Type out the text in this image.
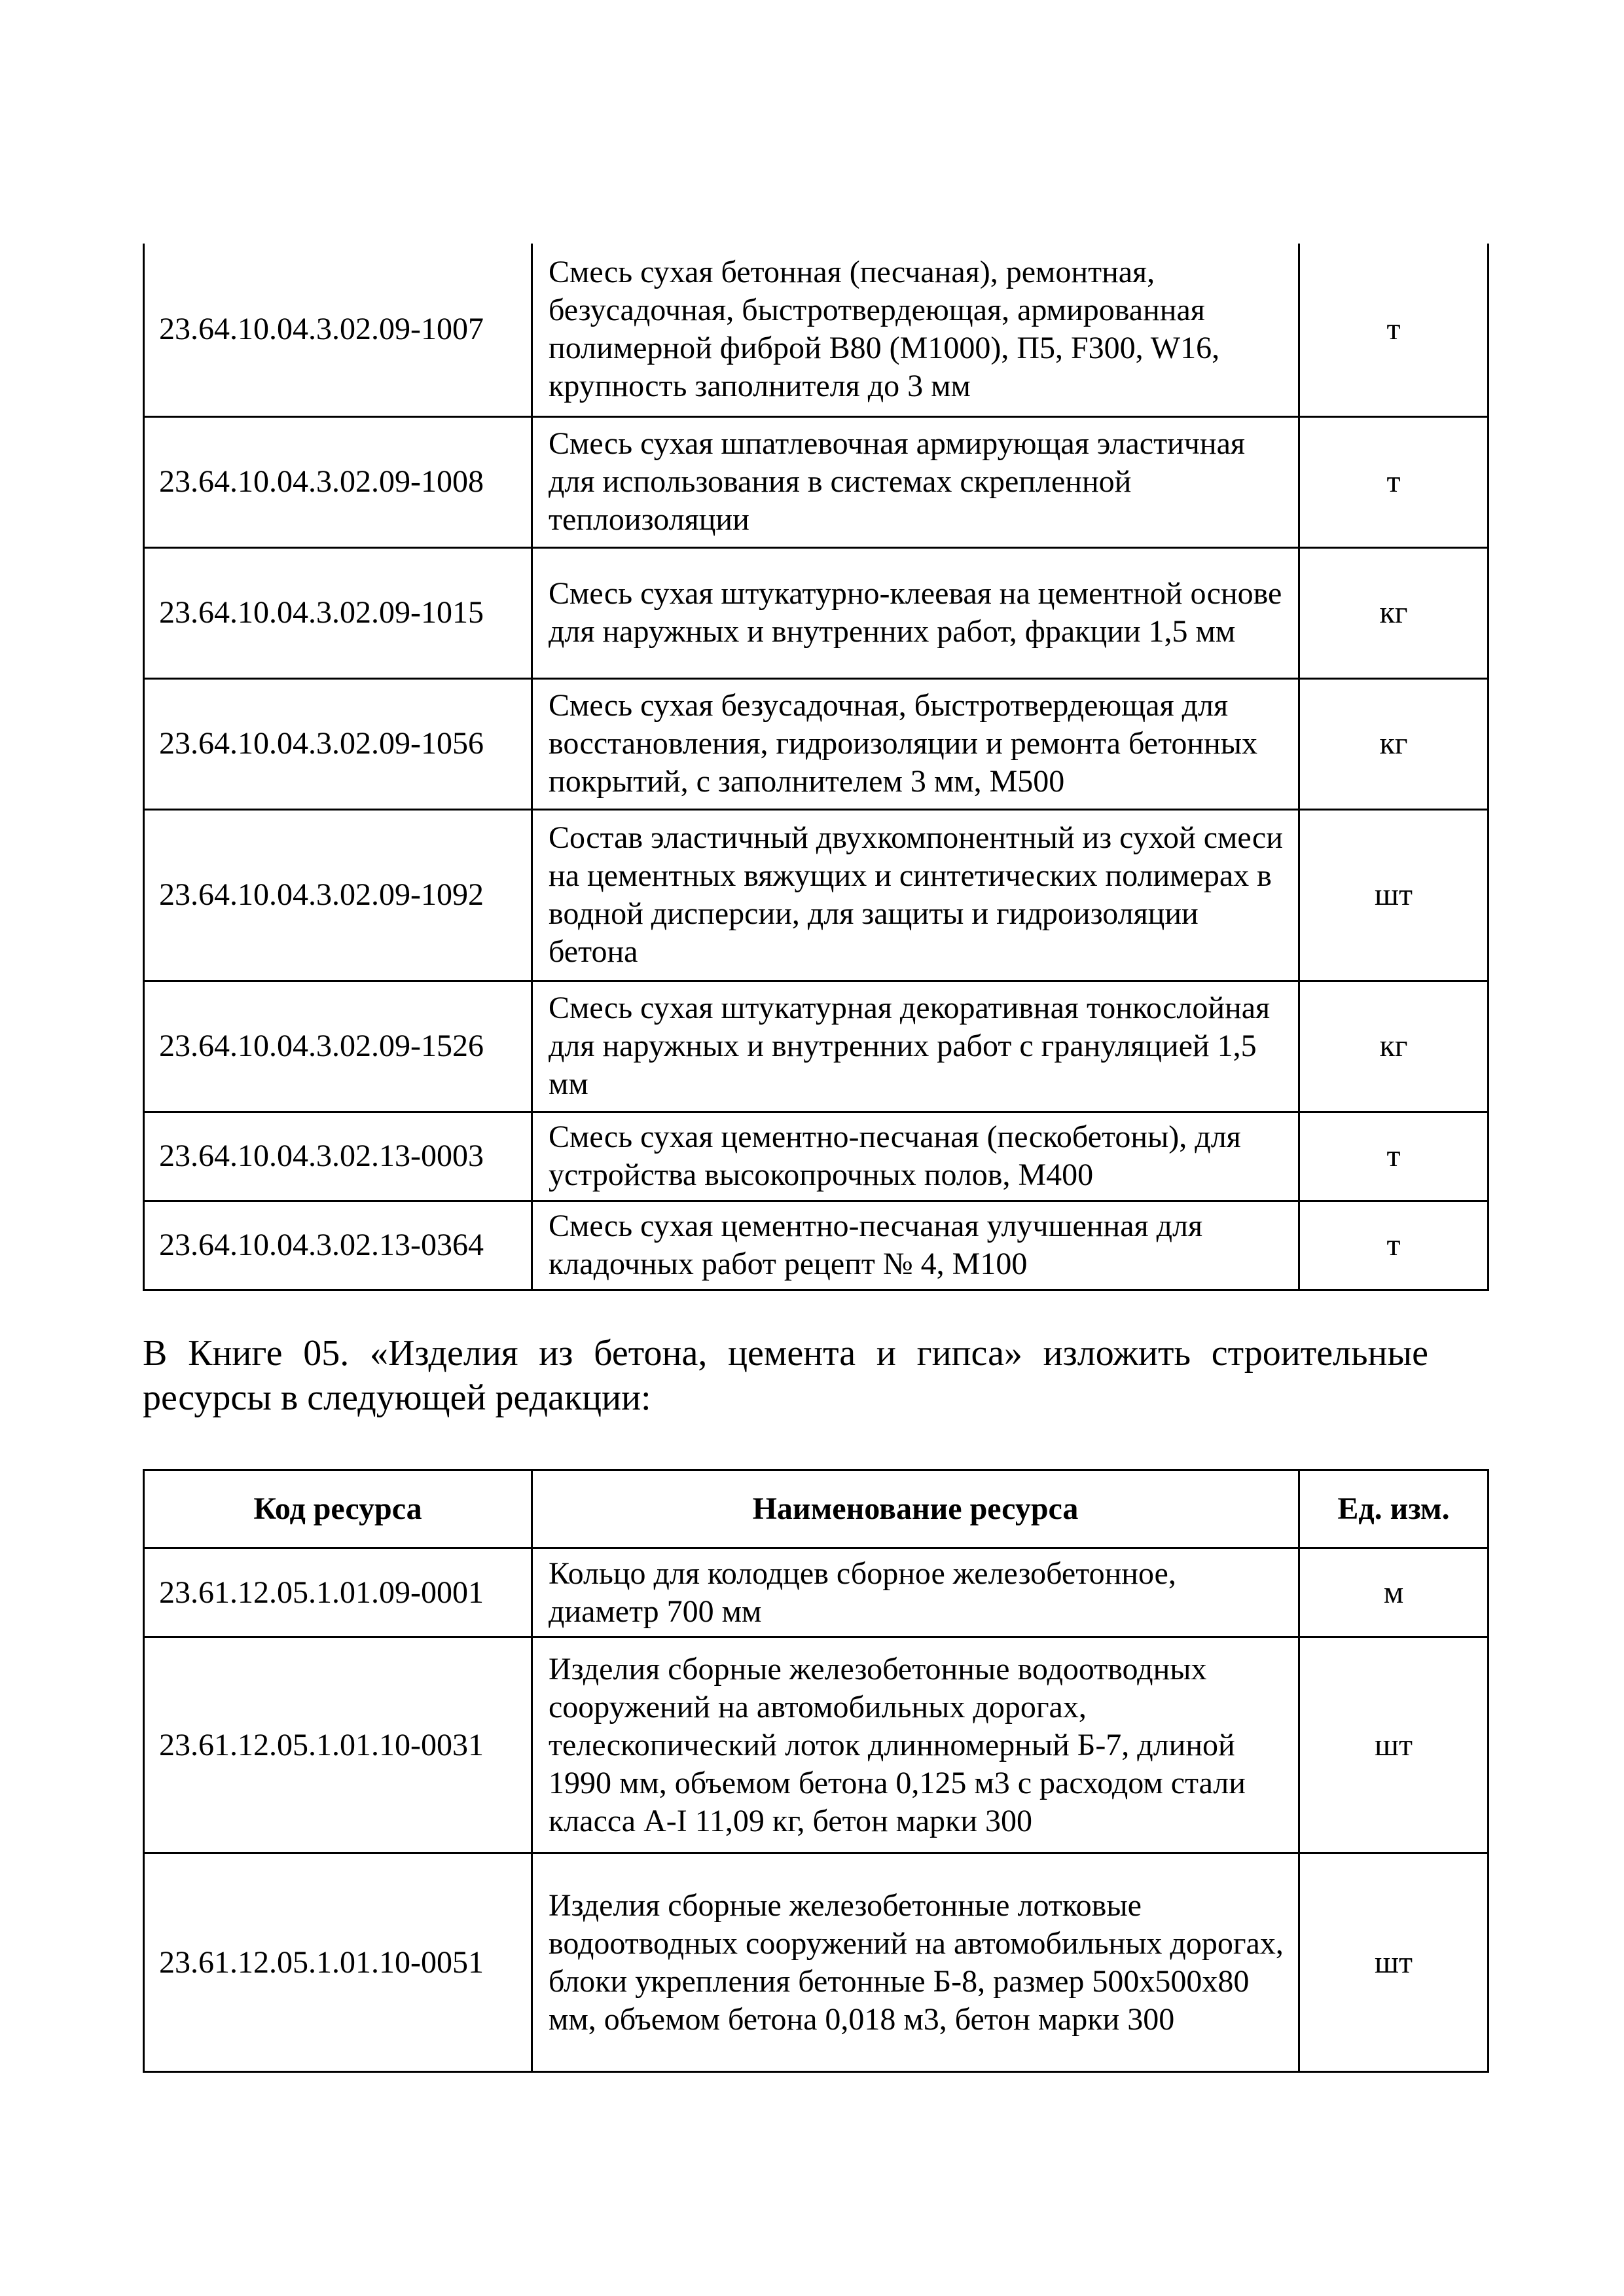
23.64.10.04.3.02.09-1007	Смесь сухая бетонная (песчаная), ремонтная, безусадочная, быстротвердеющая, армированная полимерной фиброй В80 (М1000), П5, F300, W16, крупность заполнителя до 3 мм	т
23.64.10.04.3.02.09-1008	Смесь сухая шпатлевочная армирующая эластичная для использования в системах скрепленной теплоизоляции	т
23.64.10.04.3.02.09-1015	Смесь сухая штукатурно-клеевая на цементной основе для наружных и внутренних работ, фракции 1,5 мм	кг
23.64.10.04.3.02.09-1056	Смесь сухая безусадочная, быстротвердеющая для восстановления, гидроизоляции и ремонта бетонных покрытий, с заполнителем 3 мм, М500	кг
23.64.10.04.3.02.09-1092	Состав эластичный двухкомпонентный из сухой смеси на цементных вяжущих и синтетических полимерах в водной дисперсии, для защиты и гидроизоляции бетона	шт
23.64.10.04.3.02.09-1526	Смесь сухая штукатурная декоративная тонкослойная для наружных и внутренних работ с грануляцией 1,5 мм	кг
23.64.10.04.3.02.13-0003	Смесь сухая цементно-песчаная (пескобетоны), для устройства высокопрочных полов, М400	т
23.64.10.04.3.02.13-0364	Смесь сухая цементно-песчаная улучшенная для кладочных работ рецепт № 4, М100	т
В Книге 05. «Изделия из бетона, цемента и гипса» изложить строительные ресурсы в следующей редакции:
Код ресурса	Наименование ресурса	Ед. изм.
23.61.12.05.1.01.09-0001	Кольцо для колодцев сборное железобетонное, диаметр 700 мм	м
23.61.12.05.1.01.10-0031	Изделия сборные железобетонные водоотводных сооружений на автомобильных дорогах, телескопический лоток длинномерный Б-7, длиной 1990 мм, объемом бетона 0,125 м3 с расходом стали класса А-I 11,09 кг, бетон марки 300	шт
23.61.12.05.1.01.10-0051	Изделия сборные железобетонные лотковые водоотводных сооружений на автомобильных дорогах, блоки укрепления бетонные Б-8, размер 500х500х80 мм, объемом бетона 0,018 м3, бетон марки 300	шт
